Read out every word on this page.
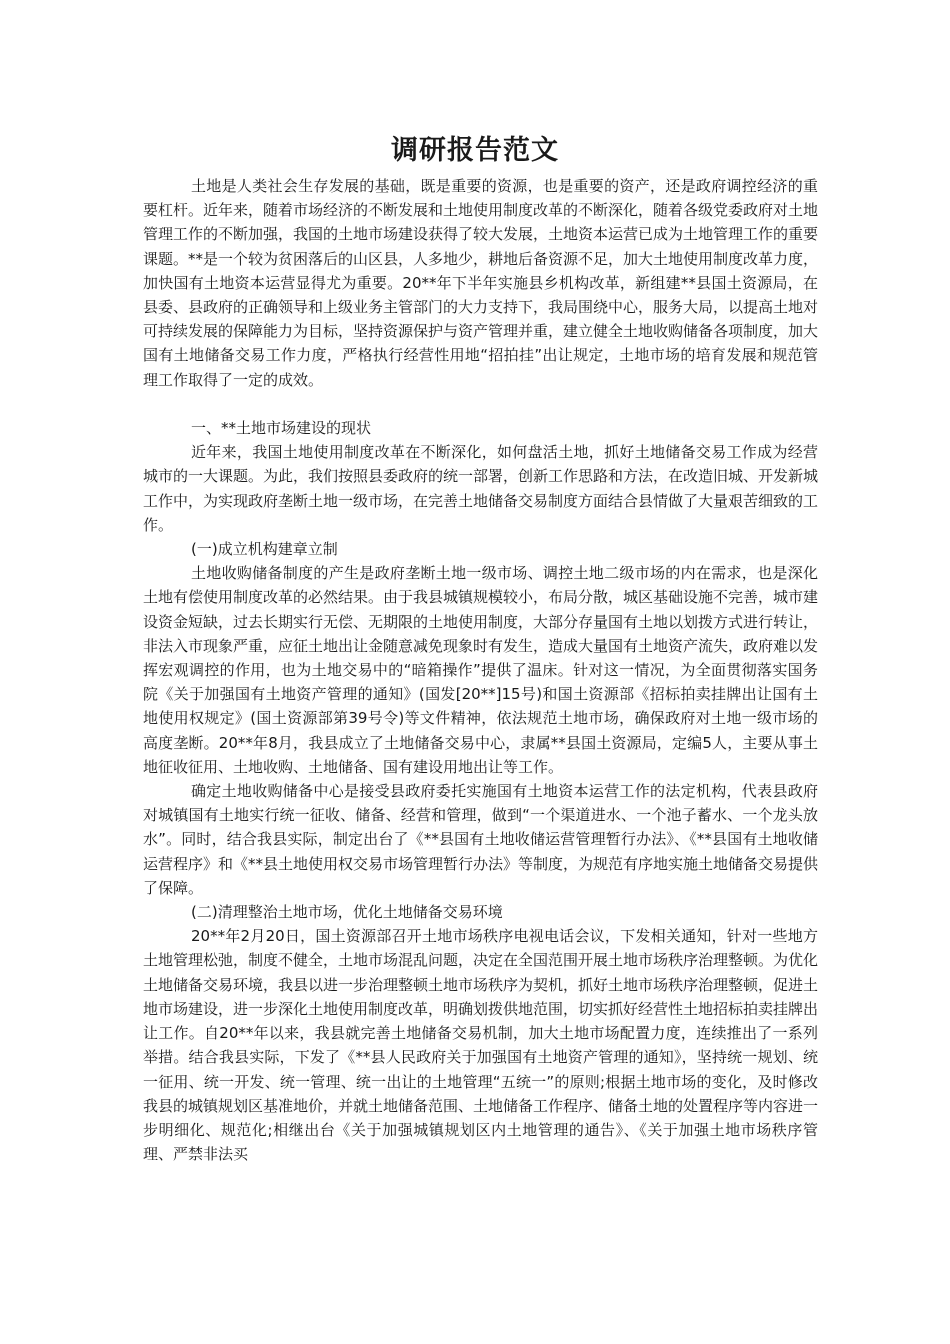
调研报告范文

土地是人类社会生存发展的基础，既是重要的资源，也是重要的资产，还是政府调控经济的重要杠杆。近年来，随着市场经济的不断发展和土地使用制度改革的不断深化，随着各级党委政府对土地管理工作的不断加强，我国的土地市场建设获得了较大发展，土地资本运营已成为土地管理工作的重要课题。**是一个较为贫困落后的山区县，人多地少，耕地后备资源不足，加大土地使用制度改革力度，加快国有土地资本运营显得尤为重要。20**年下半年实施县乡机构改革，新组建**县国土资源局，在县委、县政府的正确领导和上级业务主管部门的大力支持下，我局围绕中心，服务大局，以提高土地对可持续发展的保障能力为目标，坚持资源保护与资产管理并重，建立健全土地收购储备各项制度，加大国有土地储备交易工作力度，严格执行经营性用地“招拍挂”出让规定，土地市场的培育发展和规范管理工作取得了一定的成效。

一、**土地市场建设的现状

近年来，我国土地使用制度改革在不断深化，如何盘活土地，抓好土地储备交易工作成为经营城市的一大课题。为此，我们按照县委政府的统一部署，创新工作思路和方法，在改造旧城、开发新城工作中，为实现政府垄断土地一级市场，在完善土地储备交易制度方面结合县情做了大量艰苦细致的工作。

(一)成立机构建章立制

土地收购储备制度的产生是政府垄断土地一级市场、调控土地二级市场的内在需求，也是深化土地有偿使用制度改革的必然结果。由于我县城镇规模较小，布局分散，城区基础设施不完善，城市建设资金短缺，过去长期实行无偿、无期限的土地使用制度，大部分存量国有土地以划拨方式进行转让，非法入市现象严重，应征土地出让金随意减免现象时有发生，造成大量国有土地资产流失，政府难以发挥宏观调控的作用，也为土地交易中的“暗箱操作”提供了温床。针对这一情况，为全面贯彻落实国务院《关于加强国有土地资产管理的通知》(国发[20**]15号)和国土资源部《招标拍卖挂牌出让国有土地使用权规定》(国土资源部第39号令)等文件精神，依法规范土地市场，确保政府对土地一级市场的高度垄断。20**年8月，我县成立了土地储备交易中心，隶属**县国土资源局，定编5人，主要从事土地征收征用、土地收购、土地储备、国有建设用地出让等工作。

确定土地收购储备中心是接受县政府委托实施国有土地资本运营工作的法定机构，代表县政府对城镇国有土地实行统一征收、储备、经营和管理，做到“一个渠道进水、一个池子蓄水、一个龙头放水”。同时，结合我县实际，制定出台了《**县国有土地收储运营管理暂行办法》、《**县国有土地收储运营程序》和《**县土地使用权交易市场管理暂行办法》等制度，为规范有序地实施土地储备交易提供了保障。

(二)清理整治土地市场，优化土地储备交易环境

20**年2月20日，国土资源部召开土地市场秩序电视电话会议，下发相关通知，针对一些地方土地管理松弛，制度不健全，土地市场混乱问题，决定在全国范围开展土地市场秩序治理整顿。为优化土地储备交易环境，我县以进一步治理整顿土地市场秩序为契机，抓好土地市场秩序治理整顿，促进土地市场建设，进一步深化土地使用制度改革，明确划拨供地范围，切实抓好经营性土地招标拍卖挂牌出让工作。自20**年以来，我县就完善土地储备交易机制，加大土地市场配置力度，连续推出了一系列举措。结合我县实际，下发了《**县人民政府关于加强国有土地资产管理的通知》，坚持统一规划、统一征用、统一开发、统一管理、统一出让的土地管理“五统一”的原则;根据土地市场的变化，及时修改我县的城镇规划区基准地价，并就土地储备范围、土地储备工作程序、储备土地的处置程序等内容进一步明细化、规范化;相继出台《关于加强城镇规划区内土地管理的通告》、《关于加强土地市场秩序管理、严禁非法买
